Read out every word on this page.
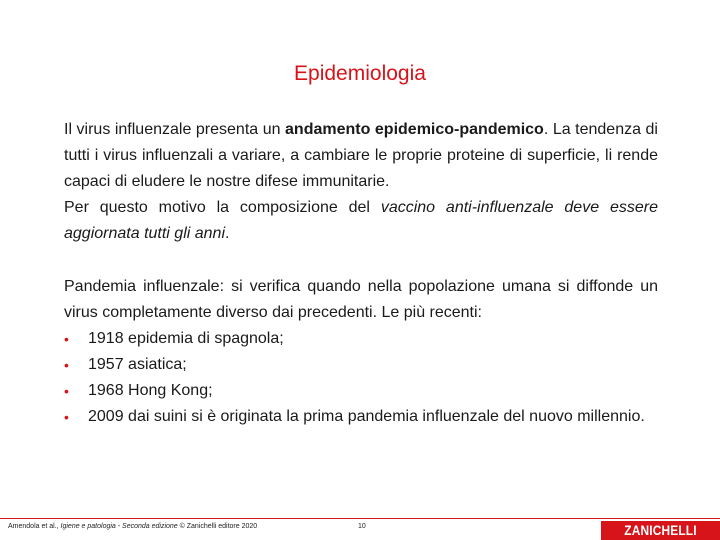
Epidemiologia

Il virus influenzale presenta un andamento epidemico-pandemico. La tendenza di tutti i virus influenzali a variare, a cambiare le proprie proteine di superficie, li rende capaci di eludere le nostre difese immunitarie.

Per questo motivo la composizione del vaccino anti-influenzale deve essere aggiornata tutti gli anni.

Pandemia influenzale: si verifica quando nella popolazione umana si diffonde un virus completamente diverso dai precedenti. Le più recenti:

• 1918 epidemia di spagnola;
• 1957 asiatica;
• 1968 Hong Kong;
• 2009 dai suini si è originata la prima pandemia influenzale del nuovo millennio.
Amendola et al., Igiene e patologia - Seconda edizione © Zanichelli editore 2020	10	ZANICHELLI
